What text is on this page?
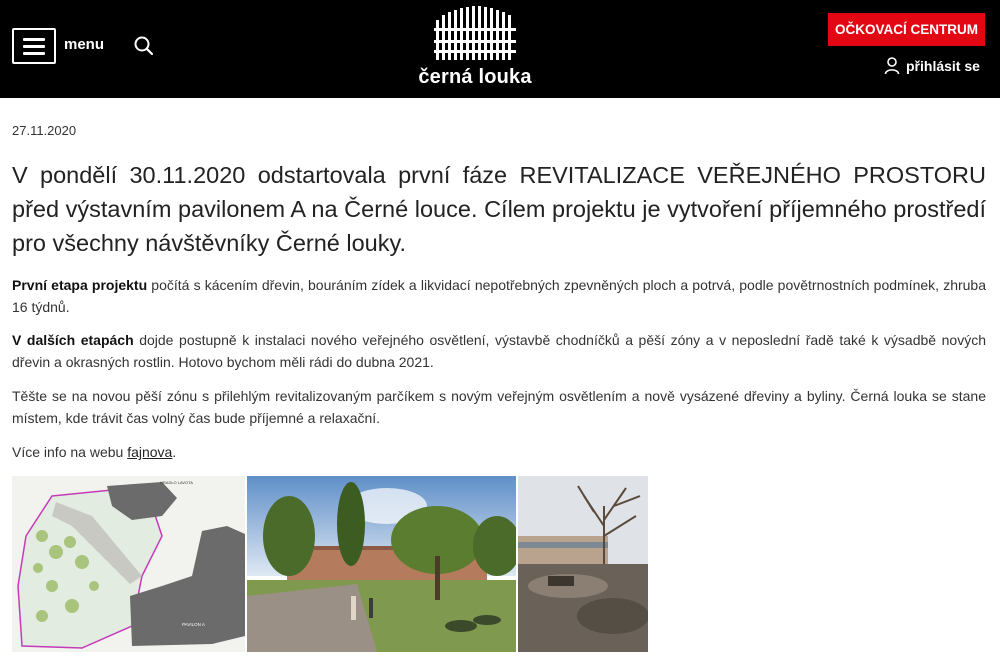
menu
černá louka
OČKOVACÍ CENTRUM
přihlásit se
27.11.2020
V pondělí 30.11.2020 odstartovala první fáze REVITALIZACE VEŘEJNÉHO PROSTORU před výstavním pavilonem A na Černé louce. Cílem projektu je vytvoření příjemného prostředí pro všechny návštěvníky Černé louky.

První etapa projektu počítá s kácením dřevin, bouráním zídek a likvidací nepotřebných zpevněných ploch a potrvá, podle povětrnostních podmínek, zhruba 16 týdnů.

V dalších etapách dojde postupně k instalaci nového veřejného osvětlení, výstavbě chodníčků a pěší zóny a v neposlední řadě také k výsadbě nových dřevin a okrasných rostlin. Hotovo bychom měli rádi do dubna 2021.

Těšte se na novou pěší zónu s přilehlým revitalizovaným parčíkem s novým veřejným osvětlením a nově vysázené dřeviny a byliny. Černá louka se stane místem, kde trávit čas volný čas bude příjemné a relaxační.

Více info na webu fajnova.

HRADLO LAVOTA
PAVILON A
